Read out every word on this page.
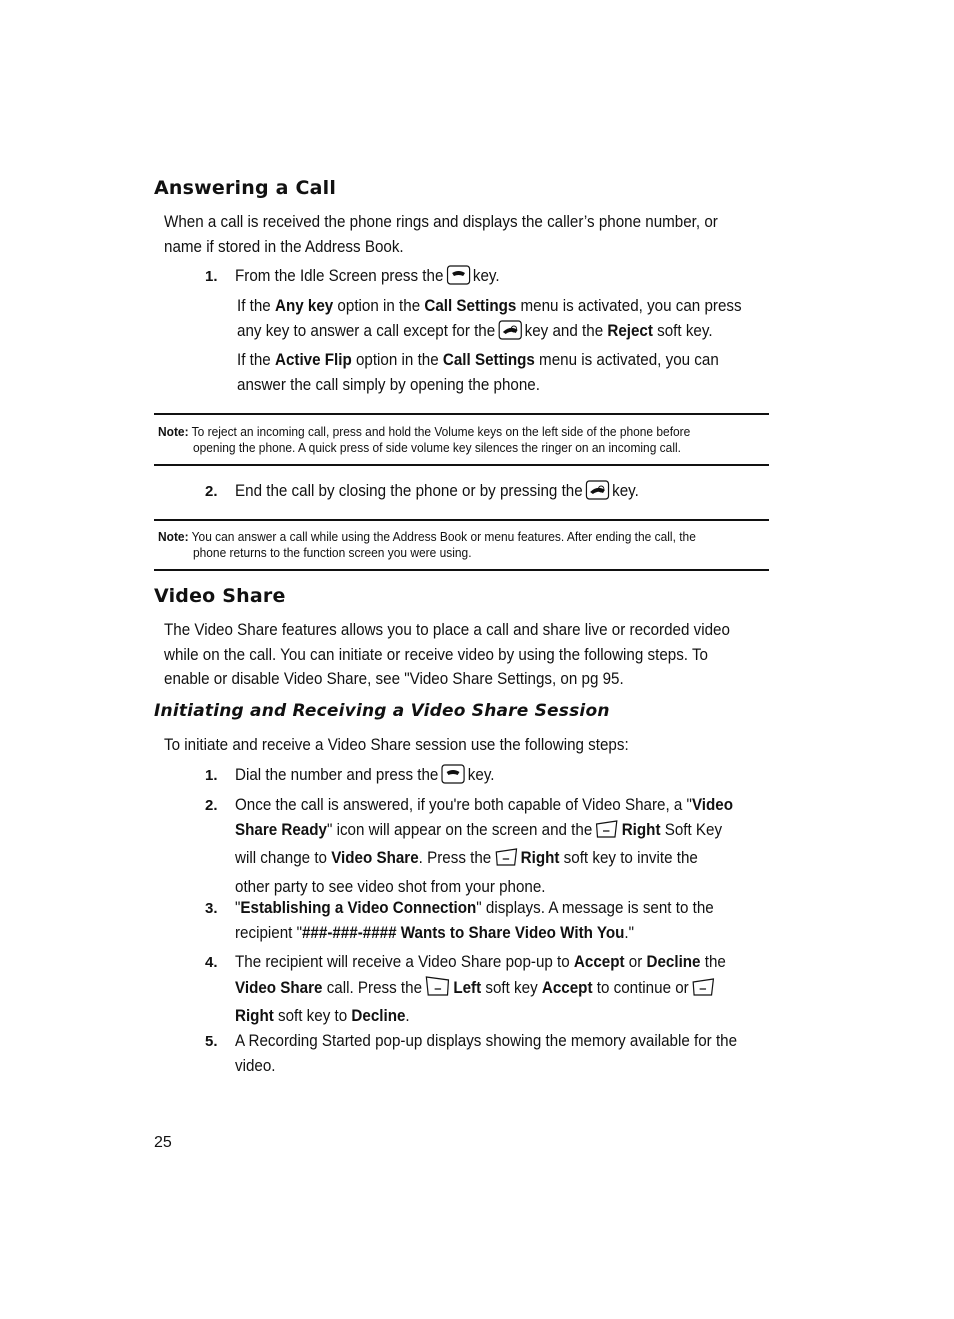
Answering a Call
When a call is received the phone rings and displays the caller’s phone number, or
name if stored in the Address Book.
1. From the Idle Screen press the key.
If the Any key option in the Call Settings menu is activated, you can press
any key to answer a call except for the key and the Reject soft key.
If the Active Flip option in the Call Settings menu is activated, you can
answer the call simply by opening the phone.
Note: To reject an incoming call, press and hold the Volume keys on the left side of the phone before
opening the phone. A quick press of side volume key silences the ringer on an incoming call.
2. End the call by closing the phone or by pressing the key.
Note: You can answer a call while using the Address Book or menu features. After ending the call, the
phone returns to the function screen you were using.
Video Share
The Video Share features allows you to place a call and share live or recorded video
while on the call. You can initiate or receive video by using the following steps. To
enable or disable Video Share, see "Video Share Settings, on pg 95.
Initiating and Receiving a Video Share Session
To initiate and receive a Video Share session use the following steps:
1. Dial the number and press the key.
2. Once the call is answered, if you're both capable of Video Share, a "Video
Share Ready" icon will appear on the screen and the Right Soft Key
will change to Video Share. Press the Right soft key to invite the
other party to see video shot from your phone.
3. "Establishing a Video Connection" displays. A message is sent to the
recipient "###-###-#### Wants to Share Video With You."
4. The recipient will receive a Video Share pop-up to Accept or Decline the
Video Share call. Press the Left soft key Accept to continue or
Right soft key to Decline.
5. A Recording Started pop-up displays showing the memory available for the
video.
25
